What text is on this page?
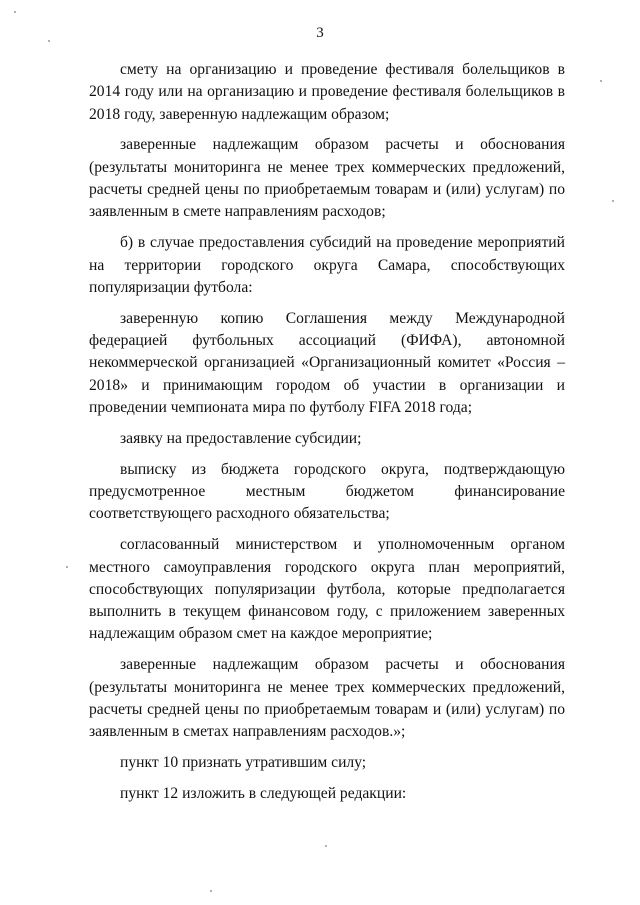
3

смету на организацию и проведение фестиваля болельщиков в 2014 году или на организацию и проведение фестиваля болельщиков в 2018 году, заверенную надлежащим образом;

заверенные надлежащим образом расчеты и обоснования (результаты мониторинга не менее трех коммерческих предложений, расчеты средней цены по приобретаемым товарам и (или) услугам) по заявленным в смете направлениям расходов;

б) в случае предоставления субсидий на проведение мероприятий на территории городского округа Самара, способствующих популяризации футбола:

заверенную копию Соглашения между Международной федерацией футбольных ассоциаций (ФИФА), автономной некоммерческой организацией «Организационный комитет «Россия – 2018» и принимающим городом об участии в организации и проведении чемпионата мира по футболу FIFA 2018 года;

заявку на предоставление субсидии;

выписку из бюджета городского округа, подтверждающую предусмотренное местным бюджетом финансирование соответствующего расходного обязательства;

согласованный министерством и уполномоченным органом местного самоуправления городского округа план мероприятий, способствующих популяризации футбола, которые предполагается выполнить в текущем финансовом году, с приложением заверенных надлежащим образом смет на каждое мероприятие;

заверенные надлежащим образом расчеты и обоснования (результаты мониторинга не менее трех коммерческих предложений, расчеты средней цены по приобретаемым товарам и (или) услугам) по заявленным в сметах направлениям расходов.»;

пункт 10 признать утратившим силу;

пункт 12 изложить в следующей редакции:
